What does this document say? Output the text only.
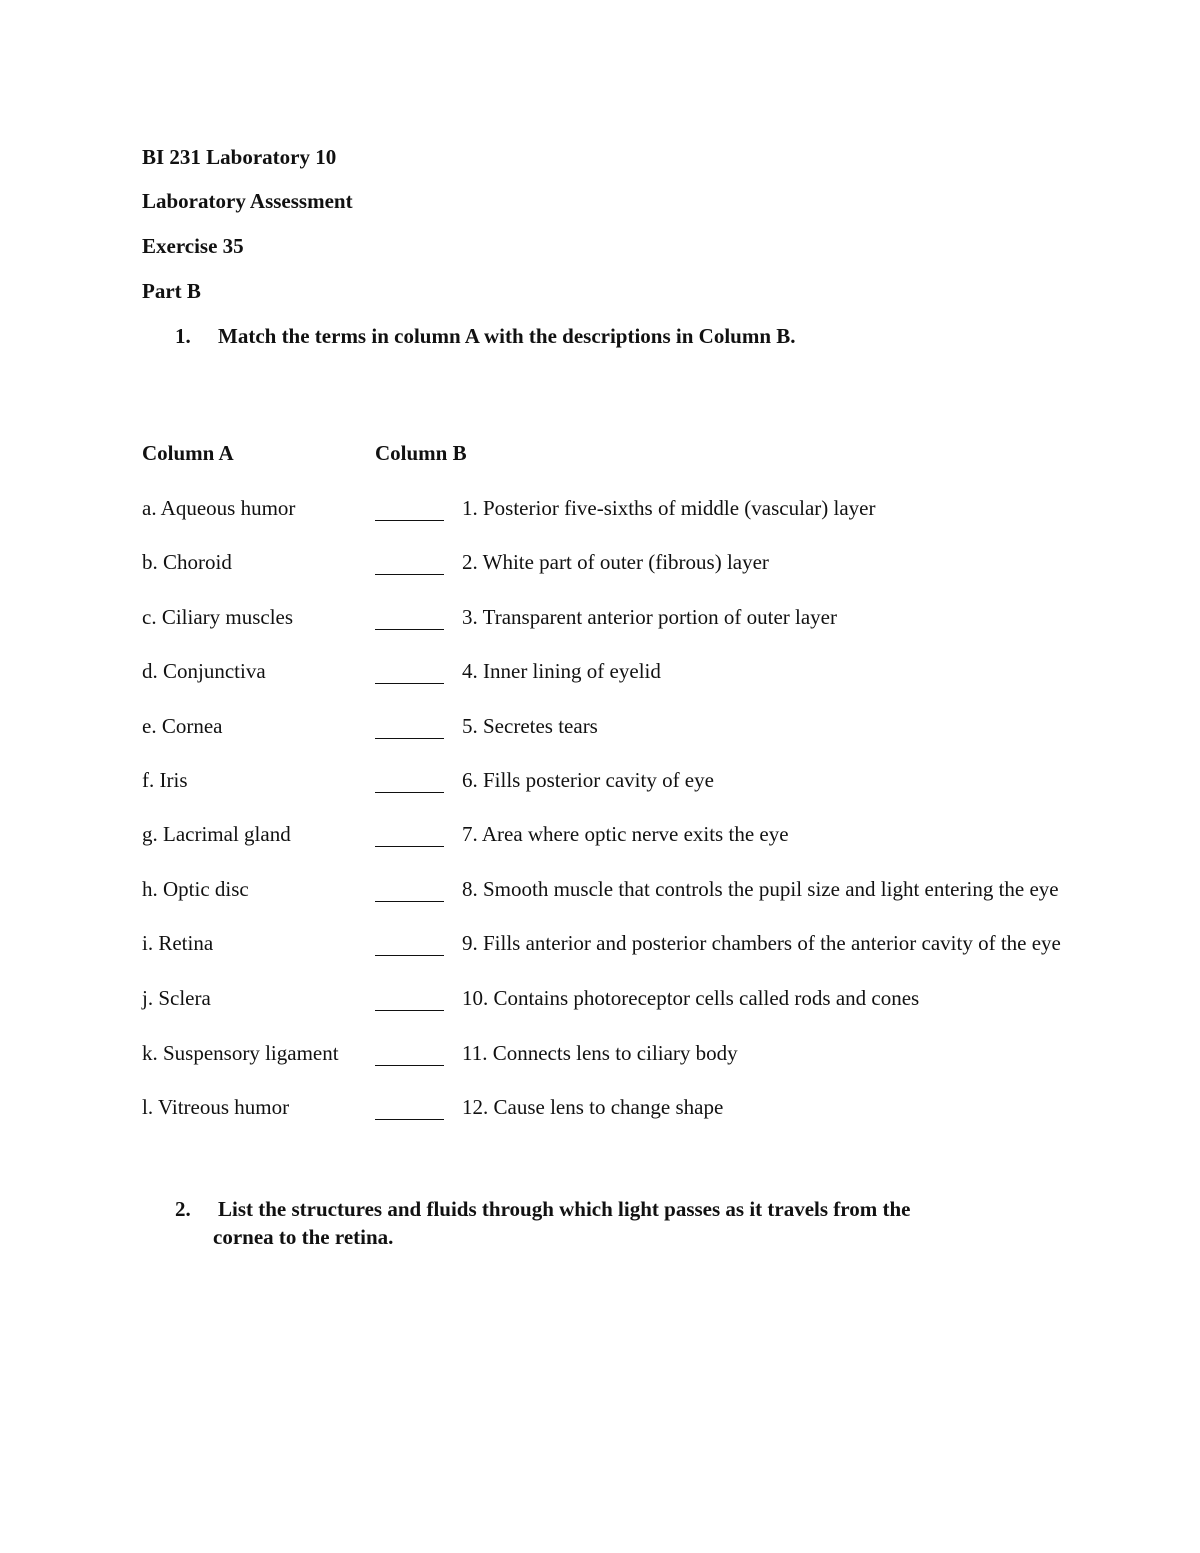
BI 231 Laboratory 10
Laboratory Assessment
Exercise 35
Part B
1. Match the terms in column A with the descriptions in Column B.
Column A	Column B
a. Aqueous humor	1. Posterior five-sixths of middle (vascular) layer
b. Choroid	2. White part of outer (fibrous) layer
c. Ciliary muscles	3. Transparent anterior portion of outer layer
d. Conjunctiva	4. Inner lining of eyelid
e. Cornea	5. Secretes tears
f. Iris	6. Fills posterior cavity of eye
g. Lacrimal gland	7. Area where optic nerve exits the eye
h. Optic disc	8. Smooth muscle that controls the pupil size and light entering the eye
i. Retina	9. Fills anterior and posterior chambers of the anterior cavity of the eye
j. Sclera	10. Contains photoreceptor cells called rods and cones
k. Suspensory ligament	11. Connects lens to ciliary body
l. Vitreous humor	12. Cause lens to change shape
2. List the structures and fluids through which light passes as it travels from the
cornea to the retina.
